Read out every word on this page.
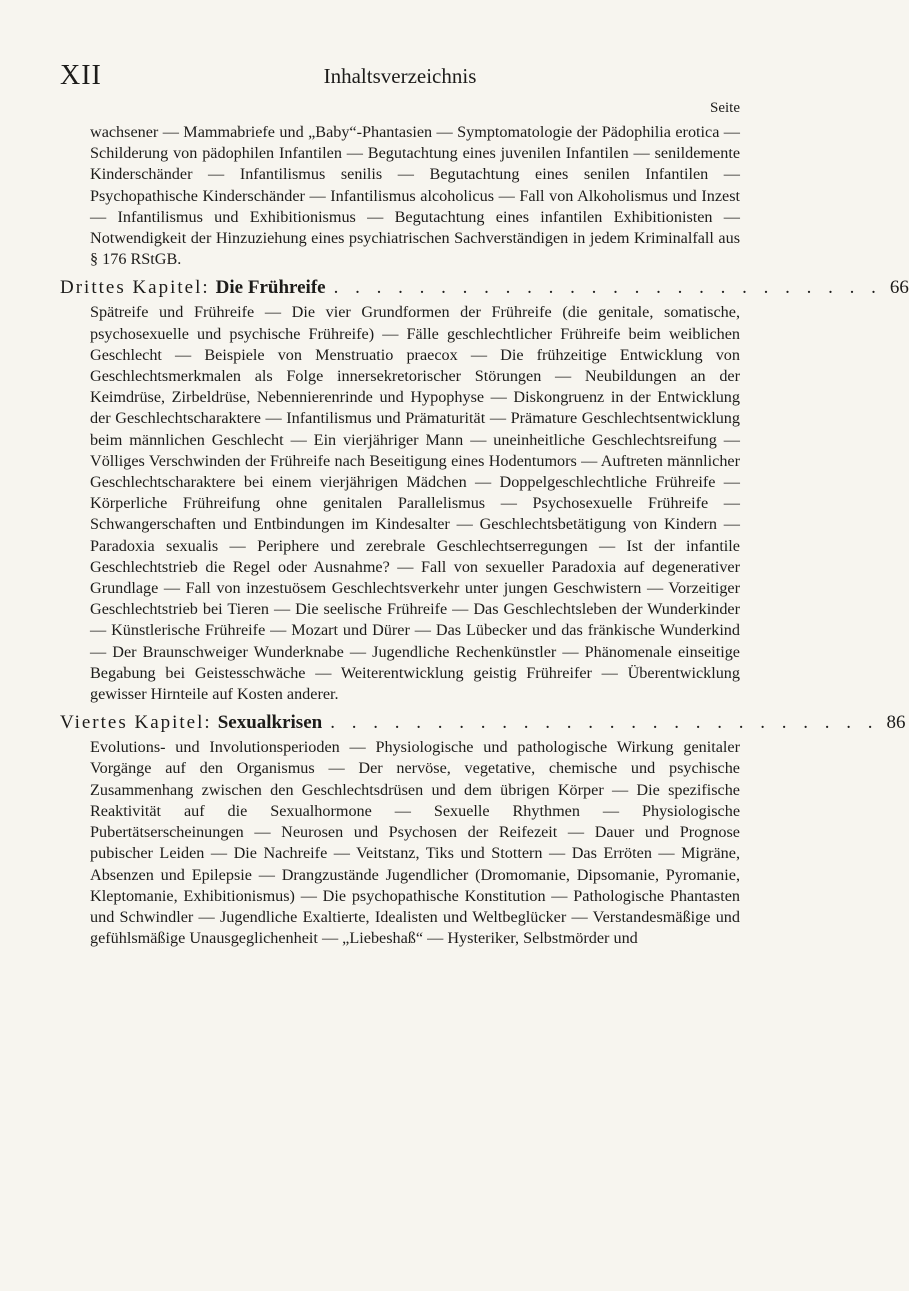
XII	Inhaltsverzeichnis
Seite

wachsener — Mammabriefe und „Baby“-Phantasien — Symptomatologie der Pädophilia erotica — Schilderung von pädophilen Infantilen — Begutachtung eines juvenilen Infantilen — senildemente Kinderschänder — Infantilismus senilis — Begutachtung eines senilen Infantilen — Psychopathische Kinderschänder — Infantilismus alcoholicus — Fall von Alkoholismus und Inzest — Infantilismus und Exhibitionismus — Begutachtung eines infantilen Exhibitionisten — Notwendigkeit der Hinzuziehung eines psychiatrischen Sachverständigen in jedem Kriminalfall aus § 176 RStGB.

Drittes Kapitel: Die Frühreife . . . . . . . . . . . . . . . . . . . . . . . . . . 66

Spätreife und Frühreife — Die vier Grundformen der Frühreife (die genitale, somatische, psychosexuelle und psychische Frühreife) — Fälle geschlechtlicher Frühreife beim weiblichen Geschlecht — Beispiele von Menstruatio praecox — Die frühzeitige Entwicklung von Geschlechtsmerkmalen als Folge innersekretorischer Störungen — Neubildungen an der Keimdrüse, Zirbeldrüse, Nebennierenrinde und Hypophyse — Diskongruenz in der Entwicklung der Geschlechtscharaktere — Infantilismus und Prämaturität — Prämature Geschlechtsentwicklung beim männlichen Geschlecht — Ein vierjähriger Mann — uneinheitliche Geschlechtsreifung — Völliges Verschwinden der Frühreife nach Beseitigung eines Hodentumors — Auftreten männlicher Geschlechtscharaktere bei einem vierjährigen Mädchen — Doppelgeschlechtliche Frühreife — Körperliche Frühreifung ohne genitalen Parallelismus — Psychosexuelle Frühreife — Schwangerschaften und Entbindungen im Kindesalter — Geschlechtsbetätigung von Kindern — Paradoxia sexualis — Periphere und zerebrale Geschlechtserregungen — Ist der infantile Geschlechtstrieb die Regel oder Ausnahme? — Fall von sexueller Paradoxia auf degenerativer Grundlage — Fall von inzestuösem Geschlechtsverkehr unter jungen Geschwistern — Vorzeitiger Geschlechtstrieb bei Tieren — Die seelische Frühreife — Das Geschlechtsleben der Wunderkinder — Künstlerische Frühreife — Mozart und Dürer — Das Lübecker und das fränkische Wunderkind — Der Braunschweiger Wunderknabe — Jugendliche Rechenkünstler — Phänomenale einseitige Begabung bei Geistesschwäche — Weiterentwicklung geistig Frühreifer — Überentwicklung gewisser Hirnteile auf Kosten anderer.

Viertes Kapitel: Sexualkrisen . . . . . . . . . . . . . . . . . . . . . . . . . . 86

Evolutions- und Involutionsperioden — Physiologische und pathologische Wirkung genitaler Vorgänge auf den Organismus — Der nervöse, vegetative, chemische und psychische Zusammenhang zwischen den Geschlechtsdrüsen und dem übrigen Körper — Die spezifische Reaktivität auf die Sexualhormone — Sexuelle Rhythmen — Physiologische Pubertätserscheinungen — Neurosen und Psychosen der Reifezeit — Dauer und Prognose pubischer Leiden — Die Nachreife — Veitstanz, Tiks und Stottern — Das Erröten — Migräne, Absenzen und Epilepsie — Drangzustände Jugendlicher (Dromomanie, Dipsomanie, Pyromanie, Kleptomanie, Exhibitionismus) — Die psychopathische Konstitution — Pathologische Phantasten und Schwindler — Jugendliche Exaltierte, Idealisten und Weltbeglücker — Verstandesmäßige und gefühlsmäßige Unausgeglichenheit — „Liebeshaß“ — Hysteriker, Selbstmörder und
